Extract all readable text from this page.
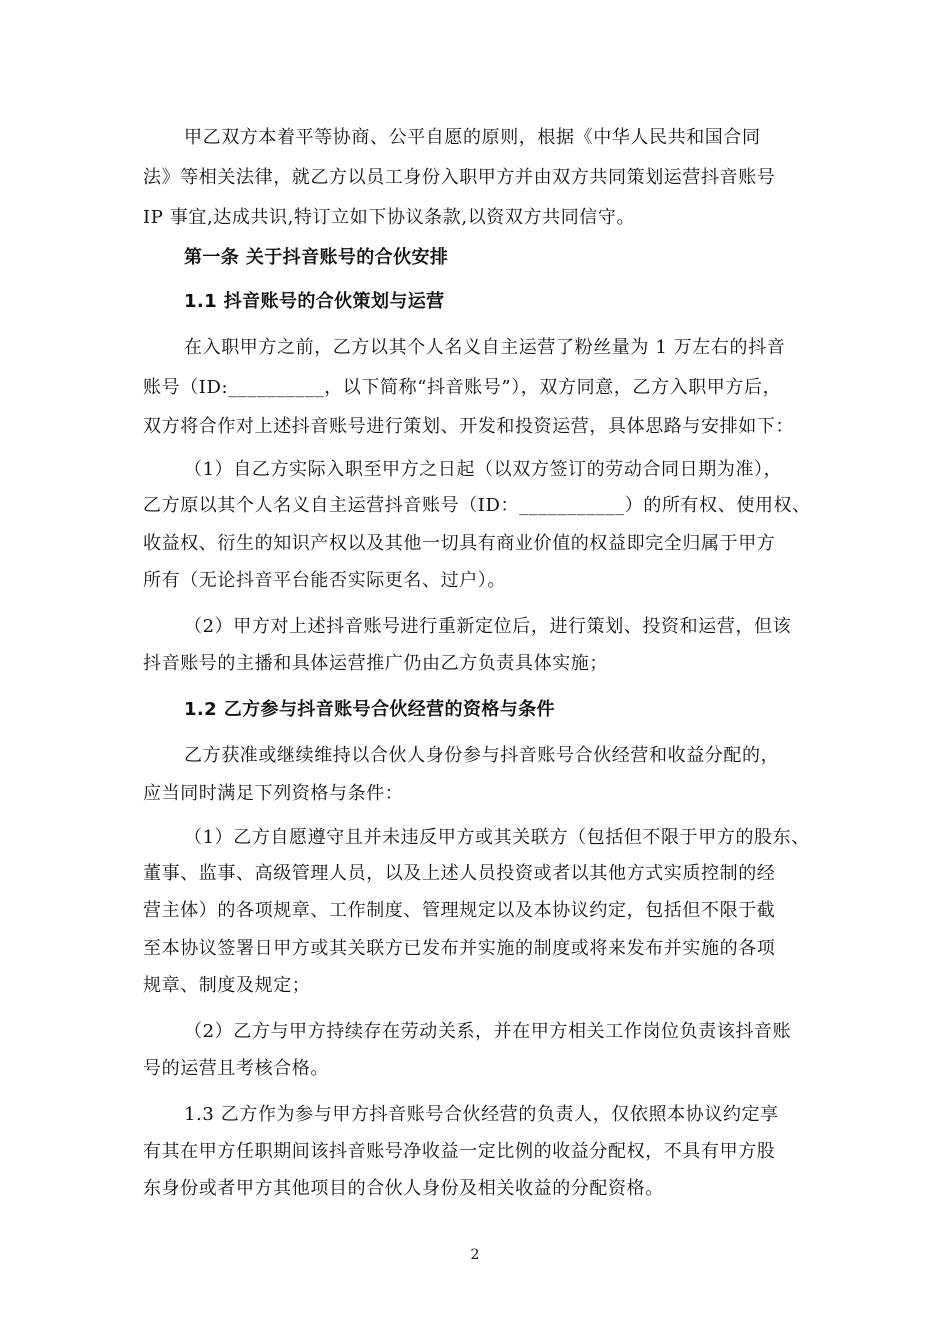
甲乙双方本着平等协商、公平自愿的原则，根据《中华人民共和国合同
法》等相关法律，就乙方以员工身份入职甲方并由双方共同策划运营抖音账号
IP 事宜,达成共识,特订立如下协议条款,以资双方共同信守。
第一条 关于抖音账号的合伙安排
1.1 抖音账号的合伙策划与运营
在入职甲方之前，乙方以其个人名义自主运营了粉丝量为 1 万左右的抖音
账号（ID:__________，以下简称“抖音账号”），双方同意，乙方入职甲方后，
双方将合作对上述抖音账号进行策划、开发和投资运营，具体思路与安排如下：
（1）自乙方实际入职至甲方之日起（以双方签订的劳动合同日期为准），
乙方原以其个人名义自主运营抖音账号（ID：___________）的所有权、使用权、
收益权、衍生的知识产权以及其他一切具有商业价值的权益即完全归属于甲方
所有（无论抖音平台能否实际更名、过户）。
（2）甲方对上述抖音账号进行重新定位后，进行策划、投资和运营，但该
抖音账号的主播和具体运营推广仍由乙方负责具体实施；
1.2 乙方参与抖音账号合伙经营的资格与条件
乙方获准或继续维持以合伙人身份参与抖音账号合伙经营和收益分配的，
应当同时满足下列资格与条件：
（1）乙方自愿遵守且并未违反甲方或其关联方（包括但不限于甲方的股东、
董事、监事、高级管理人员，以及上述人员投资或者以其他方式实质控制的经
营主体）的各项规章、工作制度、管理规定以及本协议约定，包括但不限于截
至本协议签署日甲方或其关联方已发布并实施的制度或将来发布并实施的各项
规章、制度及规定；
（2）乙方与甲方持续存在劳动关系，并在甲方相关工作岗位负责该抖音账
号的运营且考核合格。
1.3 乙方作为参与甲方抖音账号合伙经营的负责人，仅依照本协议约定享
有其在甲方任职期间该抖音账号净收益一定比例的收益分配权，不具有甲方股
东身份或者甲方其他项目的合伙人身份及相关收益的分配资格。
2
